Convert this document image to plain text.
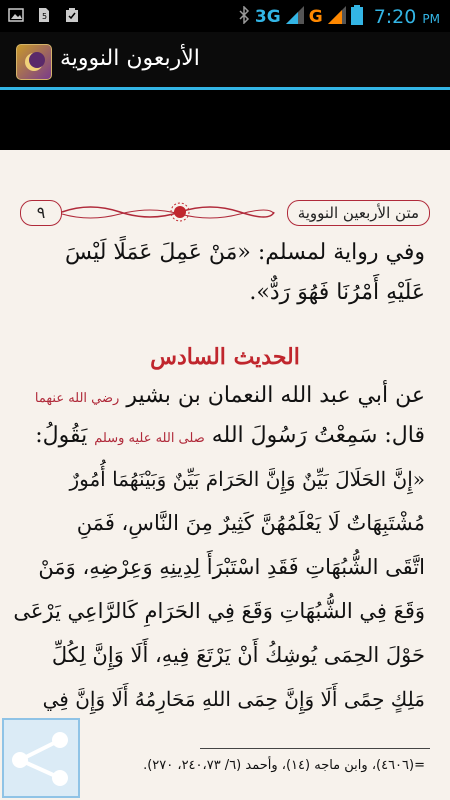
5	3G G	7:20 PM
الأربعون النووية
٩	متن الأربعين النووية
وفي رواية لمسلم: «مَنْ عَمِلَ عَمَلًا لَيْسَ
عَلَيْهِ أَمْرُنَا فَهُوَ رَدٌّ».
الحديث السادس
عن أبي عبد الله النعمان بن بشير رضي الله عنهما
قال: سَمِعْتُ رَسُولَ الله صلى الله عليه وسلم يَقُولُ:
«إِنَّ الحَلَالَ بَيِّنٌ وَإِنَّ الحَرَامَ بَيِّنٌ وَبَيْنَهُمَا أُمُورٌ
مُشْتَبِهَاتٌ لَا يَعْلَمُهُنَّ كَثِيرٌ مِنَ النَّاسِ، فَمَنِ
اتَّقَى الشُّبُهَاتِ فَقَدِ اسْتَبْرَأَ لِدِينِهِ وَعِرْضِهِ، وَمَنْ
وَقَعَ فِي الشُّبُهَاتِ وَقَعَ فِي الحَرَامِ كَالرَّاعِي يَرْعَى
حَوْلَ الحِمَى يُوشِكُ أَنْ يَرْتَعَ فِيهِ، أَلَا وَإِنَّ لِكُلِّ
مَلِكٍ حِمًى أَلَا وَإِنَّ حِمَى اللهِ مَحَارِمُهُ أَلَا وَإِنَّ فِي
=(٤٦٠٦)، وابن ماجه (١٤)، وأحمد (٦/ ٢٤٠،٧٣، ٢٧٠).
